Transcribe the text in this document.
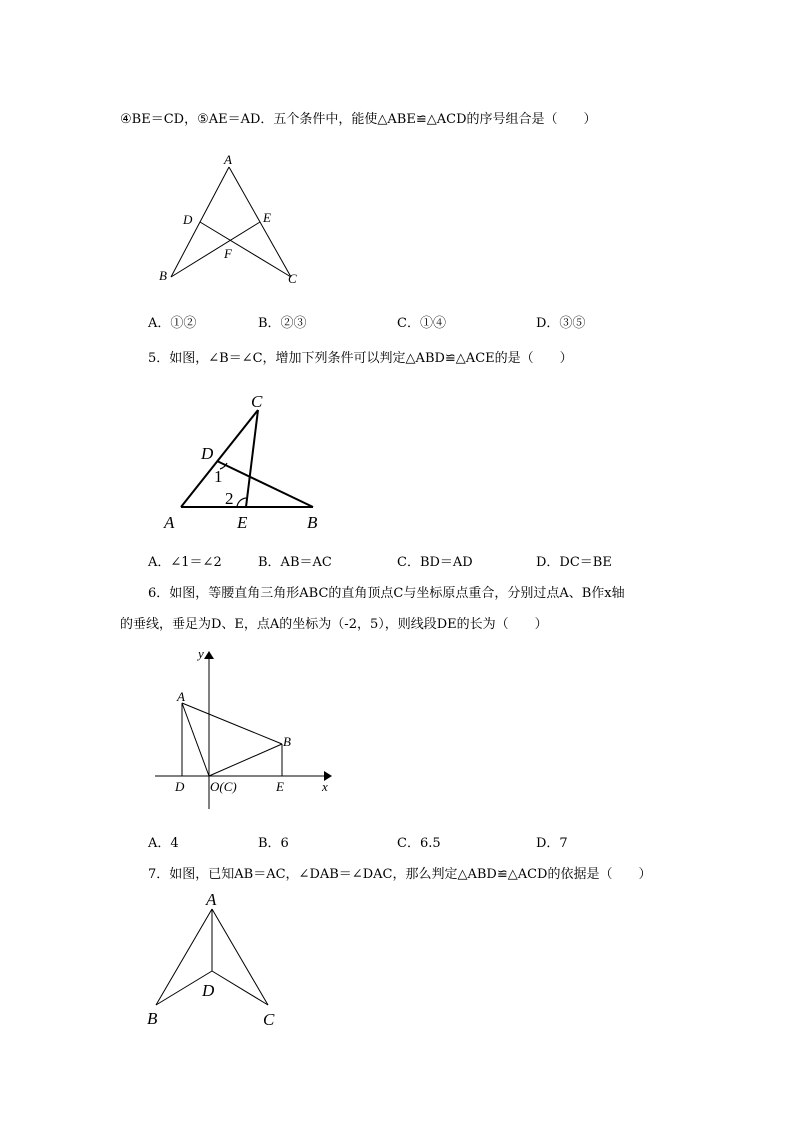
④BE＝CD，⑤AE＝AD．五个条件中，能使△ABE≌△ACD的序号组合是（　　）
A
D	E
F
B	C
A．①②	B．②③	C．①④	D．③⑤
5．如图，∠B＝∠C，增加下列条件可以判定△ABD≌△ACE的是（　　）
C
D
1
2
A	E	B
A．∠1＝∠2	B．AB＝AC	C．BD＝AD	D．DC＝BE
6．如图，等腰直角三角形ABC的直角顶点C与坐标原点重合，分别过点A、B作x轴
的垂线，垂足为D、E，点A的坐标为（-2，5），则线段DE的长为（　　）
y
x
A
B
D O(C)	E
A．4	B．6	C．6.5	D．7
7．如图，已知AB＝AC，∠DAB＝∠DAC，那么判定△ABD≌△ACD的依据是（　　）
A
D
B	C
